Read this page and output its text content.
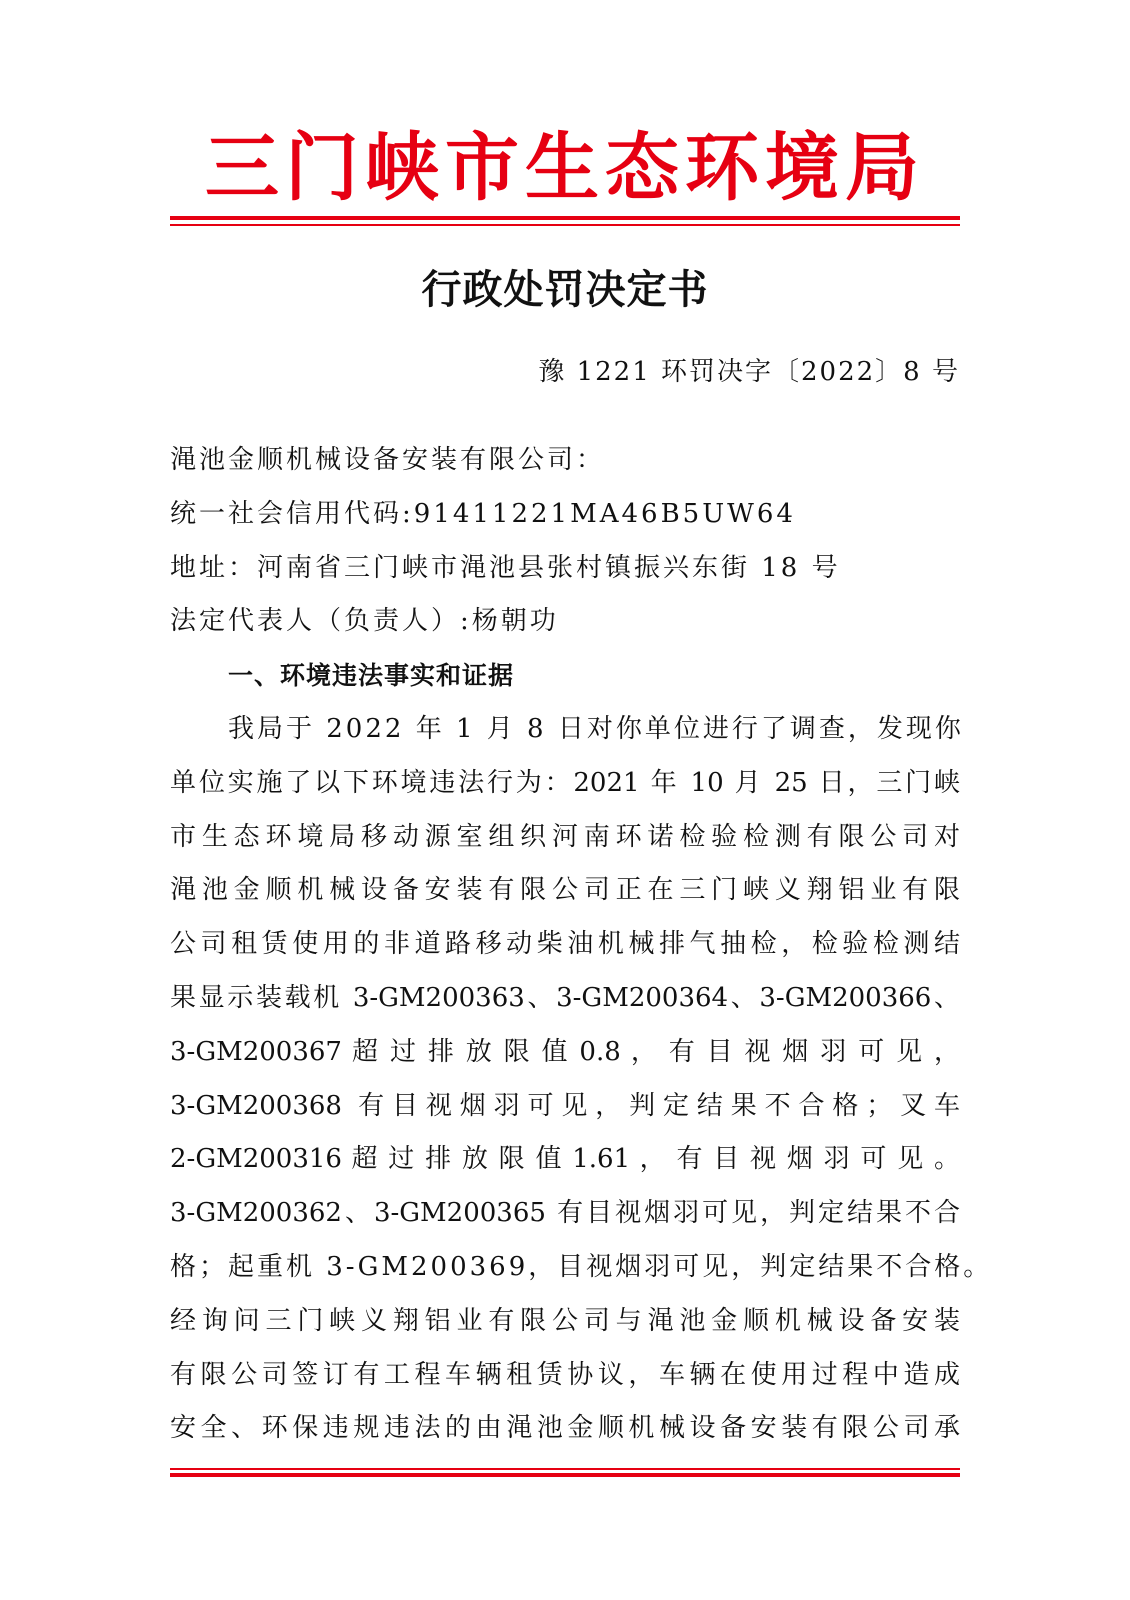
三门峡市生态环境局
行政处罚决定书
豫 1221 环罚决字〔2022〕8 号
渑池金顺机械设备安装有限公司：
统一社会信用代码:91411221MA46B5UW64
地址：河南省三门峡市渑池县张村镇振兴东街 18 号
法定代表人（负责人）:杨朝功
一、环境违法事实和证据
我局于 2022 年 1 月 8 日对你单位进行了调查，发现你
单位实施了以下环境违法行为：2021 年 10 月 25 日，三门峡
市生态环境局移动源室组织河南环诺检验检测有限公司对
渑池金顺机械设备安装有限公司正在三门峡义翔铝业有限
公司租赁使用的非道路移动柴油机械排气抽检，检验检测结
果显示装载机 3-GM200363、3-GM200364、3-GM200366、
3-GM200367 超 过 排 放 限 值 0.8 ， 有 目 视 烟 羽 可 见 ，
3-GM200368 有目视烟羽可见，判定结果不合格；叉车
2-GM200316 超 过 排 放 限 值 1.61 ， 有 目 视 烟 羽 可 见 。
3-GM200362、3-GM200365 有目视烟羽可见，判定结果不合
格；起重机 3-GM200369，目视烟羽可见，判定结果不合格。
经询问三门峡义翔铝业有限公司与渑池金顺机械设备安装
有限公司签订有工程车辆租赁协议，车辆在使用过程中造成
安全、环保违规违法的由渑池金顺机械设备安装有限公司承
